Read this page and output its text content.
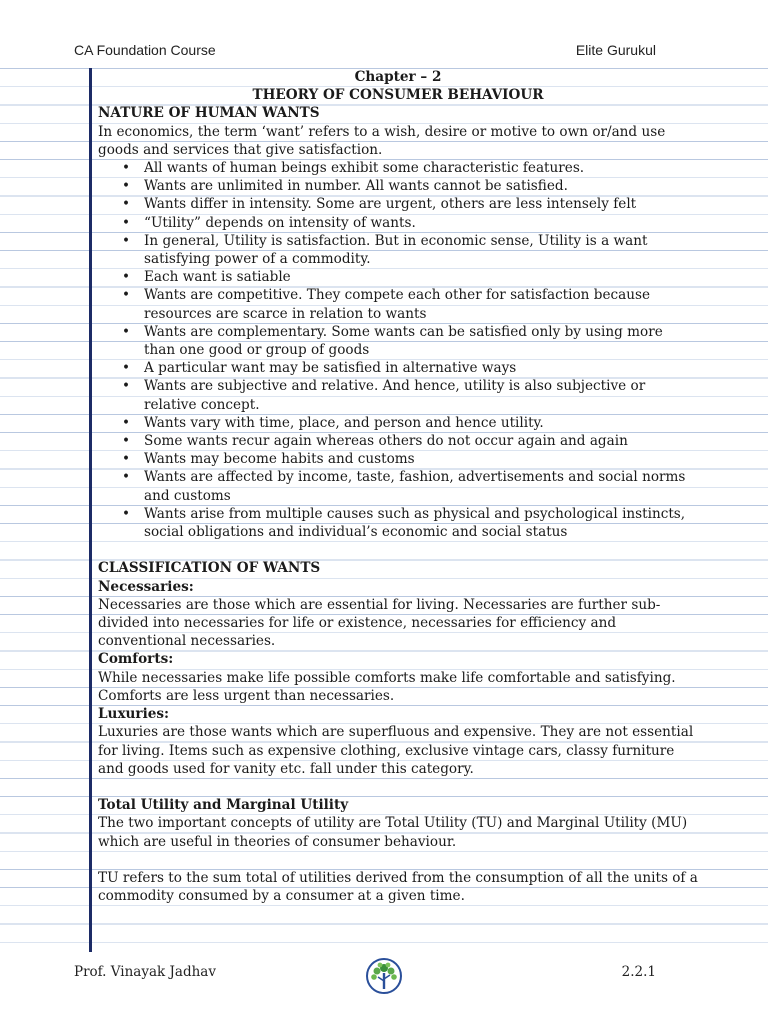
CA Foundation Course	Elite Gurukul

Chapter – 2

THEORY OF CONSUMER BEHAVIOUR

NATURE OF HUMAN WANTS

In economics, the term ‘want’ refers to a wish, desire or motive to own or/and use goods and services that give satisfaction.

• All wants of human beings exhibit some characteristic features.
• Wants are unlimited in number. All wants cannot be satisfied.
• Wants differ in intensity. Some are urgent, others are less intensely felt
• “Utility” depends on intensity of wants.
• In general, Utility is satisfaction. But in economic sense, Utility is a want satisfying power of a commodity.
• Each want is satiable
• Wants are competitive. They compete each other for satisfaction because resources are scarce in relation to wants
• Wants are complementary. Some wants can be satisfied only by using more than one good or group of goods
• A particular want may be satisfied in alternative ways
• Wants are subjective and relative. And hence, utility is also subjective or relative concept.
• Wants vary with time, place, and person and hence utility.
• Some wants recur again whereas others do not occur again and again
• Wants may become habits and customs
• Wants are affected by income, taste, fashion, advertisements and social norms and customs
• Wants arise from multiple causes such as physical and psychological instincts, social obligations and individual’s economic and social status

CLASSIFICATION OF WANTS

Necessaries:

Necessaries are those which are essential for living. Necessaries are further sub-divided into necessaries for life or existence, necessaries for efficiency and conventional necessaries.

Comforts:

While necessaries make life possible comforts make life comfortable and satisfying. Comforts are less urgent than necessaries.

Luxuries:

Luxuries are those wants which are superfluous and expensive. They are not essential for living. Items such as expensive clothing, exclusive vintage cars, classy furniture and goods used for vanity etc. fall under this category.

Total Utility and Marginal Utility

The two important concepts of utility are Total Utility (TU) and Marginal Utility (MU) which are useful in theories of consumer behaviour.

TU refers to the sum total of utilities derived from the consumption of all the units of a commodity consumed by a consumer at a given time.

Prof. Vinayak Jadhav	2.2.1
